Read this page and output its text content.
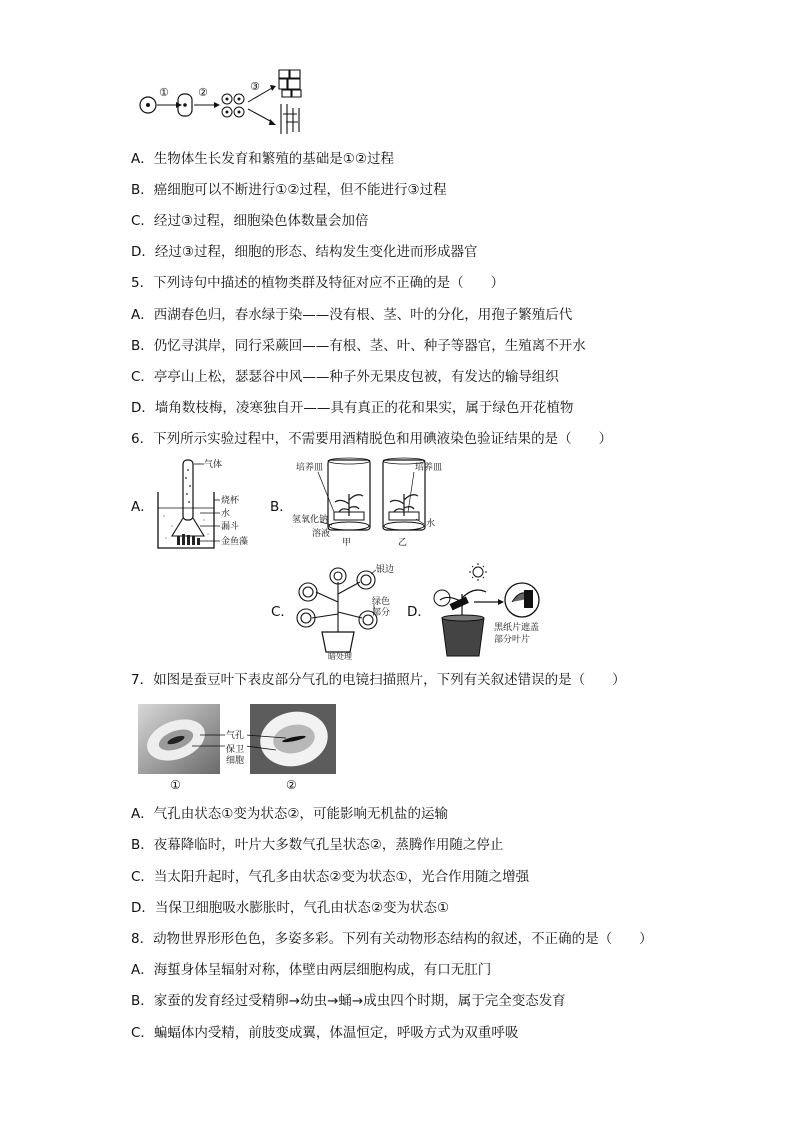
①	②	③
A．生物体生长发育和繁殖的基础是①②过程
B．癌细胞可以不断进行①②过程，但不能进行③过程
C．经过③过程，细胞染色体数量会加倍
D．经过③过程，细胞的形态、结构发生变化进而形成器官
5．下列诗句中描述的植物类群及特征对应不正确的是（　　）
A．西湖春色归，春水绿于染——没有根、茎、叶的分化，用孢子繁殖后代
B．仍忆寻淇岸，同行采蕨回——有根、茎、叶、种子等器官，生殖离不开水
C．亭亭山上松，瑟瑟谷中风——种子外无果皮包被，有发达的输导组织
D．墙角数枝梅，凌寒独自开——具有真正的花和果实，属于绿色开花植物
6．下列所示实验过程中，不需要用酒精脱色和用碘液染色验证结果的是（　　）
A．
气体
烧杯
水
漏斗
金鱼藻
B．
培养皿	培养皿
氢氧化钠
溶液
水
甲	乙
C．
银边
绿色
部分
暗处理
D．
黑纸片遮盖
部分叶片
7．如图是蚕豆叶下表皮部分气孔的电镜扫描照片，下列有关叙述错误的是（　　）
气孔
保卫
细胞
①	②
A．气孔由状态①变为状态②，可能影响无机盐的运输
B．夜幕降临时，叶片大多数气孔呈状态②，蒸腾作用随之停止
C．当太阳升起时，气孔多由状态②变为状态①，光合作用随之增强
D．当保卫细胞吸水膨胀时，气孔由状态②变为状态①
8．动物世界形形色色，多姿多彩。下列有关动物形态结构的叙述，不正确的是（　　）
A．海蜇身体呈辐射对称，体壁由两层细胞构成，有口无肛门
B．家蚕的发育经过受精卵→幼虫→蛹→成虫四个时期，属于完全变态发育
C．蝙蝠体内受精，前肢变成翼，体温恒定，呼吸方式为双重呼吸
